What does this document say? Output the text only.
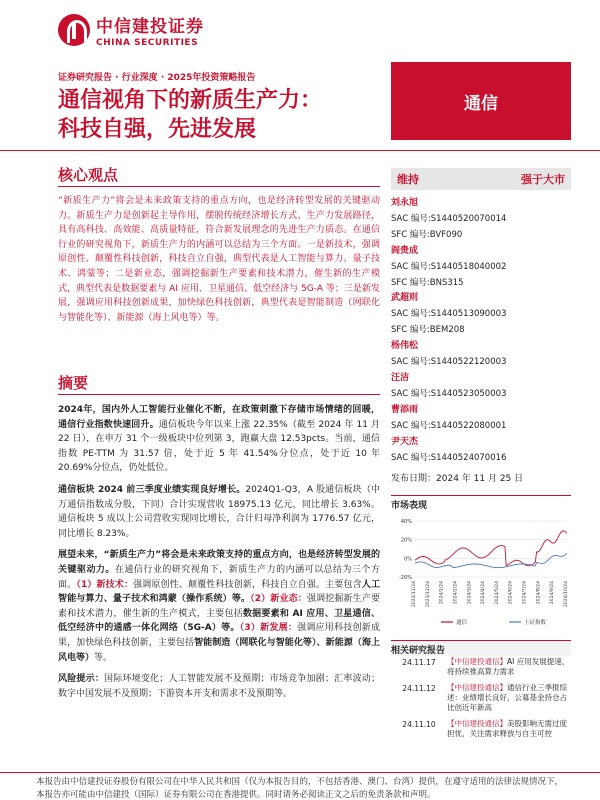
中信建投证券
CHINA SECURITIES
证券研究报告 · 行业深度 · 2025年投资策略报告
通信视角下的新质生产力：
科技自强，先进发展
通信
核心观点
“新质生产力”将会是未来政策支持的重点方向，也是经济转型发展的关键驱动力。新质生产力是创新起主导作用，摆脱传统经济增长方式、生产力发展路径，具有高科技、高效能、高质量特征，符合新发展理念的先进生产力质态。在通信行业的研究视角下，新质生产力的内涵可以总结为三个方面。一是新技术，强调原创性、颠覆性科技创新，科技自立自强，典型代表是人工智能与算力、量子技术、鸿蒙等；二是新业态，强调挖掘新生产要素和技术潜力，催生新的生产模式，典型代表是数据要素与 AI 应用、卫星通信、低空经济与 5G-A 等；三是新发展，强调应用科技创新成果，加快绿色科技创新，典型代表是智能制造（网联化与智能化等）、新能源（海上风电等）等。
摘要

2024年，国内外人工智能行业催化不断，在政策刺激下存储市场情绪的回暖，通信行业指数快速回升。通信板块今年以来上涨 22.35%（截至 2024 年 11 月 22 日），在申万 31 个一级板块中位列第 3，跑赢大盘 12.53pcts。当前，通信指数 PE-TTM 为 31.57 倍，处于近 5 年 41.54%分位点，处于近 10 年 20.69%分位点，仍处低位。

通信板块 2024 前三季度业绩实现良好增长。2024Q1-Q3，A 股通信板块（中万通信指数成分股，下同）合计实现营收 18975.13 亿元，同比增长 3.63%。通信板块 5 成以上公司营收实现同比增长，合计归母净利润为 1776.57 亿元，同比增长 8.23%。

展望未来，“新质生产力”将会是未来政策支持的重点方向，也是经济转型发展的关键驱动力。在通信行业的研究视角下，新质生产力的内涵可以总结为三个方面。（1）新技术：强调原创性、颠覆性科技创新，科技自立自强。主要包含人工智能与算力、量子技术和鸿蒙（操作系统）等。（2）新业态：强调挖掘新生产要素和技术潜力，催生新的生产模式，主要包括数据要素和 AI 应用、卫星通信、低空经济中的通感一体化网络（5G-A）等。（3）新发展：强调应用科技创新成果，加快绿色科技创新，主要包括智能制造（网联化与智能化等）、新能源（海上风电等）等。

风险提示：国际环境变化；人工智能发展不及预期；市场竞争加剧；汇率波动；数字中国发展不及预期；下游资本开支和需求不及预期等。

维持	强于大市
刘永旭
SAC 编号:S1440520070014
SFC 编号:BVF090
阎贵成
SAC 编号:S1440518040002
SFC 编号:BNS315
武超则
SAC 编号:S1440513090003
SFC 编号:BEM208
杨伟松
SAC 编号:S1440522120003
汪洁
SAC 编号:S1440523050003
曹添雨
SAC 编号:S1440522080001
尹天杰
SAC 编号:S1440524070016
发布日期：2024 年 11 月 25 日
市场表现
40%
20%
0%
-20%
2023/11/24 2023/12/24 2024/1/24 2024/2/24 2024/3/24 2024/4/24 2024/5/24 2024/6/24 2024/7/24 2024/8/24 2024/9/24 2024/10/24
通信	上证指数
相关研究报告
24.11.17	【中信建投通信】AI 应用发展提速，将持续推高算力需求
24.11.12	【中信建投通信】通信行业三季报综述：业绩增长良好，公募基金持仓占比创近年新高
24.11.10	【中信建投通信】美股影响无需过度担忧，关注需求释放与自主可控
本报告由中信建投证券股份有限公司在中华人民共和国（仅为本报告目的，不包括香港、澳门、台湾）提供，在遵守适用的法律法规情况下，
本报告亦可能由中信建投（国际）证券有限公司在香港提供。同时请务必阅读正文之后的免责条款和声明。
